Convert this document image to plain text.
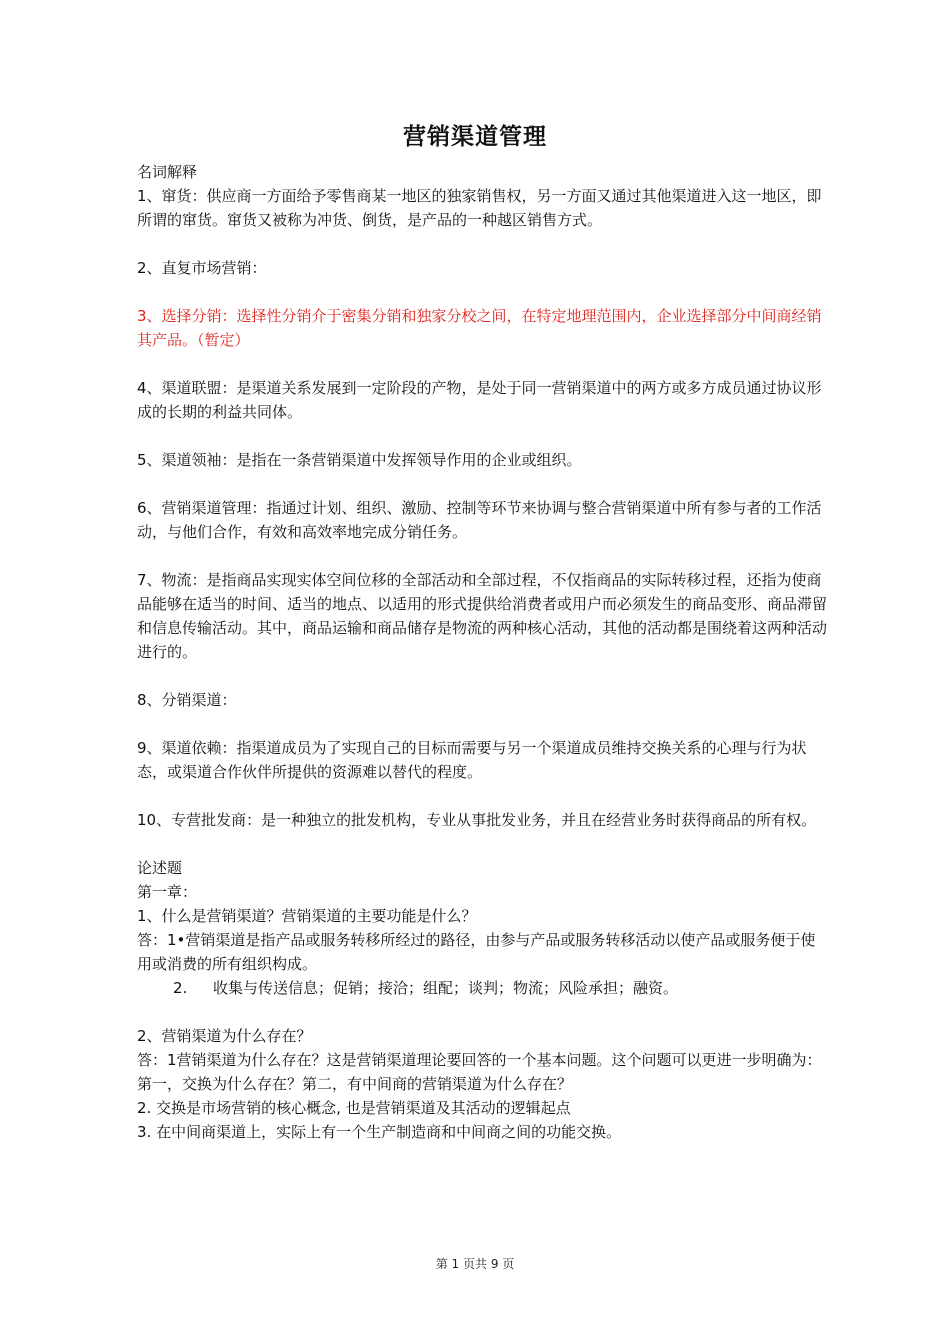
营销渠道管理

名词解释

1、窜货：供应商一方面给予零售商某一地区的独家销售权，另一方面又通过其他渠道进入这一地区，即所谓的窜货。窜货又被称为冲货、倒货，是产品的一种越区销售方式。

2、直复市场营销：

3、选择分销：选择性分销介于密集分销和独家分校之间，在特定地理范围内，企业选择部分中间商经销其产品。（暂定）

4、渠道联盟：是渠道关系发展到一定阶段的产物，是处于同一营销渠道中的两方或多方成员通过协议形成的长期的利益共同体。

5、渠道领袖：是指在一条营销渠道中发挥领导作用的企业或组织。

6、营销渠道管理：指通过计划、组织、激励、控制等环节来协调与整合营销渠道中所有参与者的工作活动，与他们合作，有效和高效率地完成分销任务。

7、物流：是指商品实现实体空间位移的全部活动和全部过程，不仅指商品的实际转移过程，还指为使商品能够在适当的时间、适当的地点、以适用的形式提供给消费者或用户而必须发生的商品变形、商品滞留和信息传输活动。其中，商品运输和商品储存是物流的两种核心活动，其他的活动都是围绕着这两种活动进行的。

8、分销渠道：

9、渠道依赖：指渠道成员为了实现自己的目标而需要与另一个渠道成员维持交换关系的心理与行为状态，或渠道合作伙伴所提供的资源难以替代的程度。

10、专营批发商：是一种独立的批发机构，专业从事批发业务，并且在经营业务时获得商品的所有权。

论述题

第一章：

1、什么是营销渠道？营销渠道的主要功能是什么？

答：1•营销渠道是指产品或服务转移所经过的路径，由参与产品或服务转移活动以使产品或服务便于使用或消费的所有组织构成。

2. 收集与传送信息；促销；接洽；组配；谈判；物流；风险承担；融资。

2、营销渠道为什么存在？

答：1营销渠道为什么存在？这是营销渠道理论要回答的一个基本问题。这个问题可以更进一步明确为：第一，交换为什么存在？第二，有中间商的营销渠道为什么存在？

2. 交换是市场营销的核心概念, 也是营销渠道及其活动的逻辑起点

3. 在中间商渠道上，实际上有一个生产制造商和中间商之间的功能交换。

第 1 页共 9 页
